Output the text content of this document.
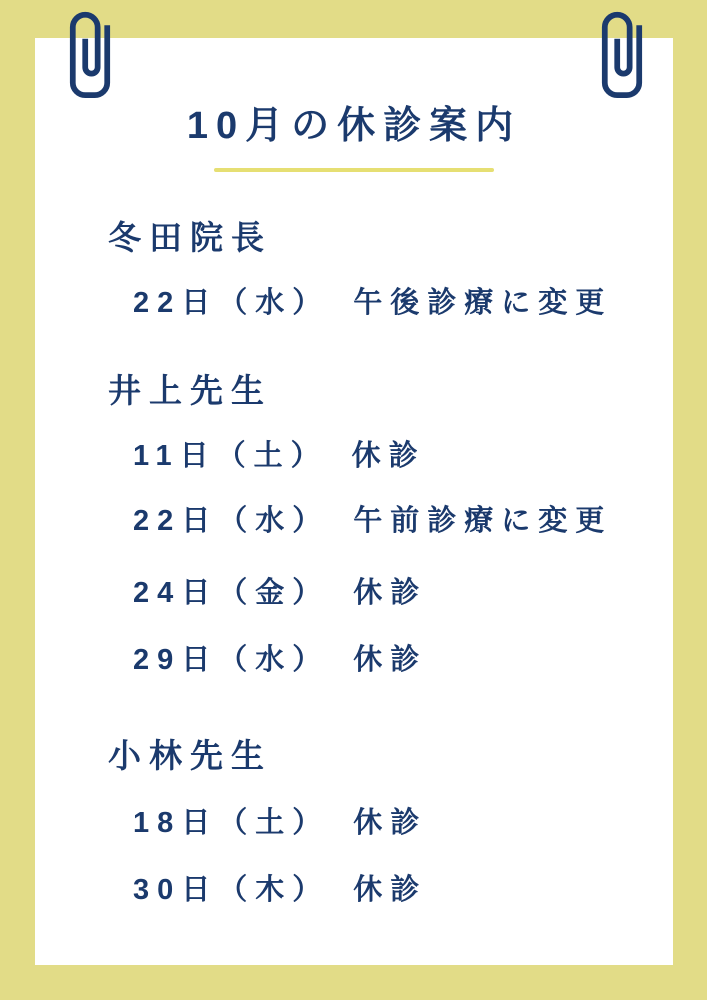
10月の休診案内
冬田院長
22日（水） 午後診療に変更
井上先生
11日（土） 休診
22日（水） 午前診療に変更
24日（金） 休診
29日（水） 休診
小林先生
18日（土） 休診
30日（木） 休診
